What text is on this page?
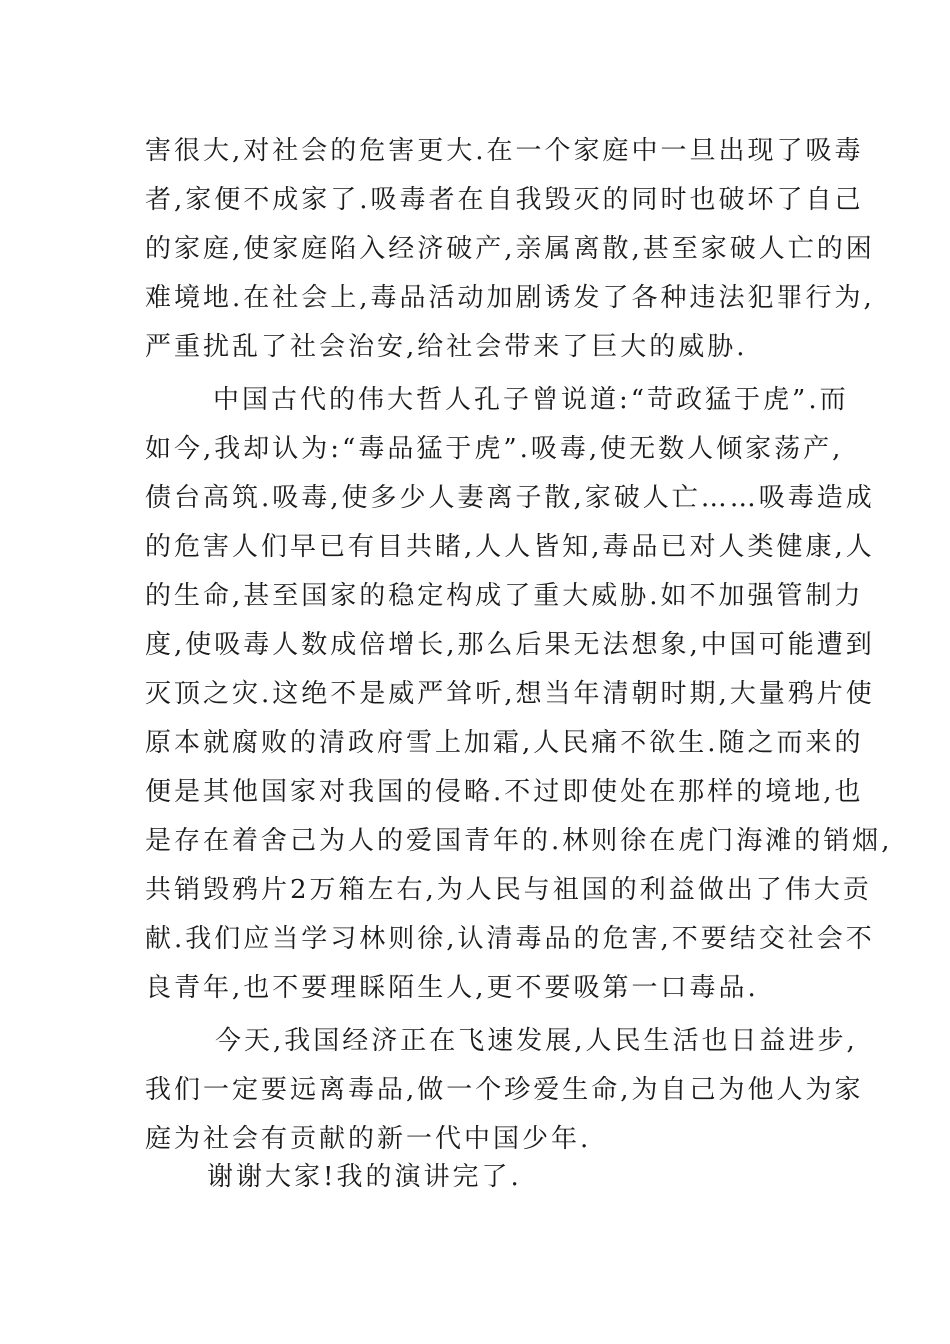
害很大,对社会的危害更大.在一个家庭中一旦出现了吸毒
者,家便不成家了.吸毒者在自我毁灭的同时也破坏了自己
的家庭,使家庭陷入经济破产,亲属离散,甚至家破人亡的困
难境地.在社会上,毒品活动加剧诱发了各种违法犯罪行为,
严重扰乱了社会治安,给社会带来了巨大的威胁.
中国古代的伟大哲人孔子曾说道:“苛政猛于虎”.而
如今,我却认为:“毒品猛于虎”.吸毒,使无数人倾家荡产,
债台高筑.吸毒,使多少人妻离子散,家破人亡……吸毒造成
的危害人们早已有目共睹,人人皆知,毒品已对人类健康,人
的生命,甚至国家的稳定构成了重大威胁.如不加强管制力
度,使吸毒人数成倍增长,那么后果无法想象,中国可能遭到
灭顶之灾.这绝不是威严耸听,想当年清朝时期,大量鸦片使
原本就腐败的清政府雪上加霜,人民痛不欲生.随之而来的
便是其他国家对我国的侵略.不过即使处在那样的境地,也
是存在着舍己为人的爱国青年的.林则徐在虎门海滩的销烟,
共销毁鸦片2万箱左右,为人民与祖国的利益做出了伟大贡
献.我们应当学习林则徐,认清毒品的危害,不要结交社会不
良青年,也不要理睬陌生人,更不要吸第一口毒品.
今天,我国经济正在飞速发展,人民生活也日益进步,
我们一定要远离毒品,做一个珍爱生命,为自己为他人为家
庭为社会有贡献的新一代中国少年.
谢谢大家!我的演讲完了.
